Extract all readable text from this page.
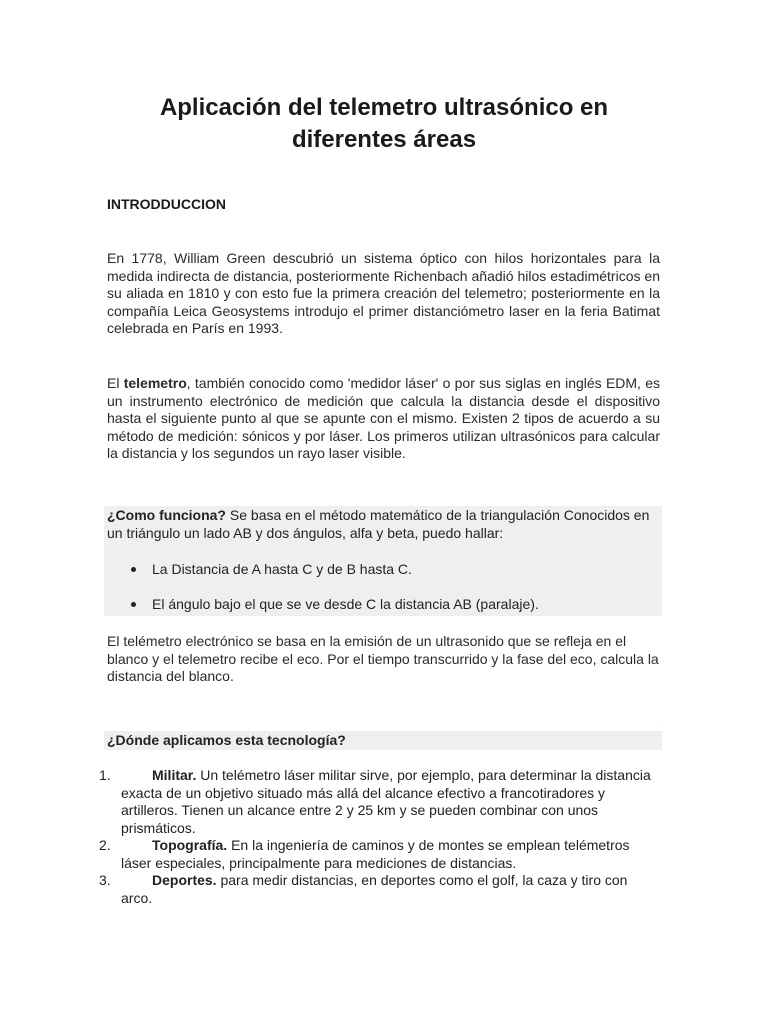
Aplicación del telemetro ultrasónico en diferentes áreas
INTRODDUCCION
En 1778, William Green descubrió un sistema óptico con hilos horizontales para la medida indirecta de distancia, posteriormente Richenbach añadió hilos estadimétricos en su aliada en 1810 y con esto fue la primera creación del telemetro; posteriormente en la compañía Leica Geosystems introdujo el primer distanciómetro laser en la feria Batimat celebrada en París en 1993.
El telemetro, también conocido como 'medidor láser' o por sus siglas en inglés EDM, es un instrumento electrónico de medición que calcula la distancia desde el dispositivo hasta el siguiente punto al que se apunte con el mismo. Existen 2 tipos de acuerdo a su método de medición: sónicos y por láser. Los primeros utilizan ultrasónicos para calcular la distancia y los segundos un rayo laser visible.
¿Como funciona? Se basa en el método matemático de la triangulación Conocidos en un triángulo un lado AB y dos ángulos, alfa y beta, puedo hallar:
La Distancia de A hasta C y de B hasta C.
El ángulo bajo el que se ve desde C la distancia AB (paralaje).
El telémetro electrónico se basa en la emisión de un ultrasonido que se refleja en el blanco y el telemetro recibe el eco. Por el tiempo transcurrido y la fase del eco, calcula la distancia del blanco.
¿Dónde aplicamos esta tecnología?
1.	Militar. Un telémetro láser militar sirve, por ejemplo, para determinar la distancia exacta de un objetivo situado más allá del alcance efectivo a francotiradores y artilleros. Tienen un alcance entre 2 y 25 km y se pueden combinar con unos prismáticos.
2.	Topografía. En la ingeniería de caminos y de montes se emplean telémetros láser especiales, principalmente para mediciones de distancias.
3.	Deportes. para medir distancias, en deportes como el golf, la caza y tiro con arco.
